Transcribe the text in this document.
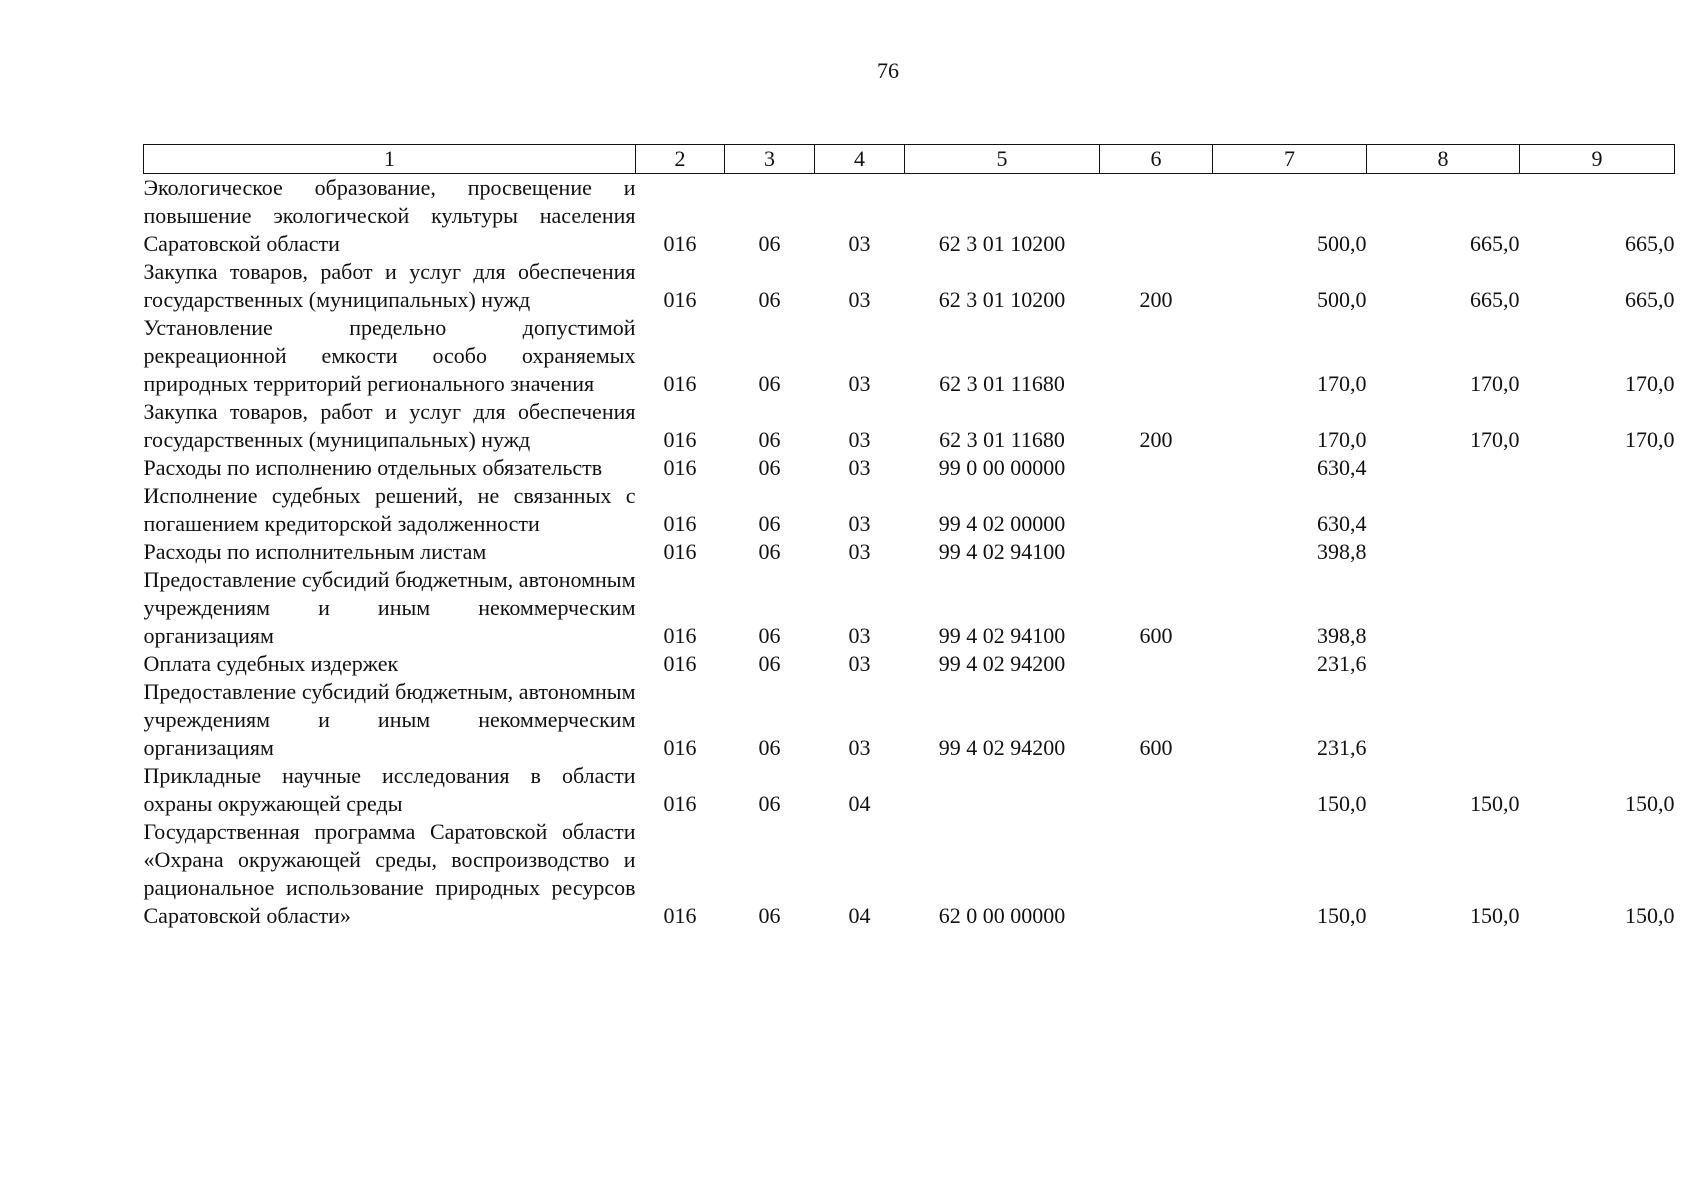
76
1	2	3	4	5	6	7	8	9
Экологическое образование, просвещение и повышение экологической культуры населения Саратовской области	016	06	03	62 3 01 10200		500,0	665,0	665,0
Закупка товаров, работ и услуг для обеспечения государственных (муниципальных) нужд	016	06	03	62 3 01 10200	200	500,0	665,0	665,0
Установление предельно допустимой рекреационной емкости особо охраняемых природных территорий регионального значения	016	06	03	62 3 01 11680		170,0	170,0	170,0
Закупка товаров, работ и услуг для обеспечения государственных (муниципальных) нужд	016	06	03	62 3 01 11680	200	170,0	170,0	170,0
Расходы по исполнению отдельных обязательств	016	06	03	99 0 00 00000		630,4		
Исполнение судебных решений, не связанных с погашением кредиторской задолженности	016	06	03	99 4 02 00000		630,4		
Расходы по исполнительным листам	016	06	03	99 4 02 94100		398,8		
Предоставление субсидий бюджетным, автономным учреждениям и иным некоммерческим организациям	016	06	03	99 4 02 94100	600	398,8		
Оплата судебных издержек	016	06	03	99 4 02 94200		231,6		
Предоставление субсидий бюджетным, автономным учреждениям и иным некоммерческим организациям	016	06	03	99 4 02 94200	600	231,6		
Прикладные научные исследования в области охраны окружающей среды	016	06	04			150,0	150,0	150,0
Государственная программа Саратовской области «Охрана окружающей среды, воспроизводство и рациональное использование природных ресурсов Саратовской области»	016	06	04	62 0 00 00000		150,0	150,0	150,0
